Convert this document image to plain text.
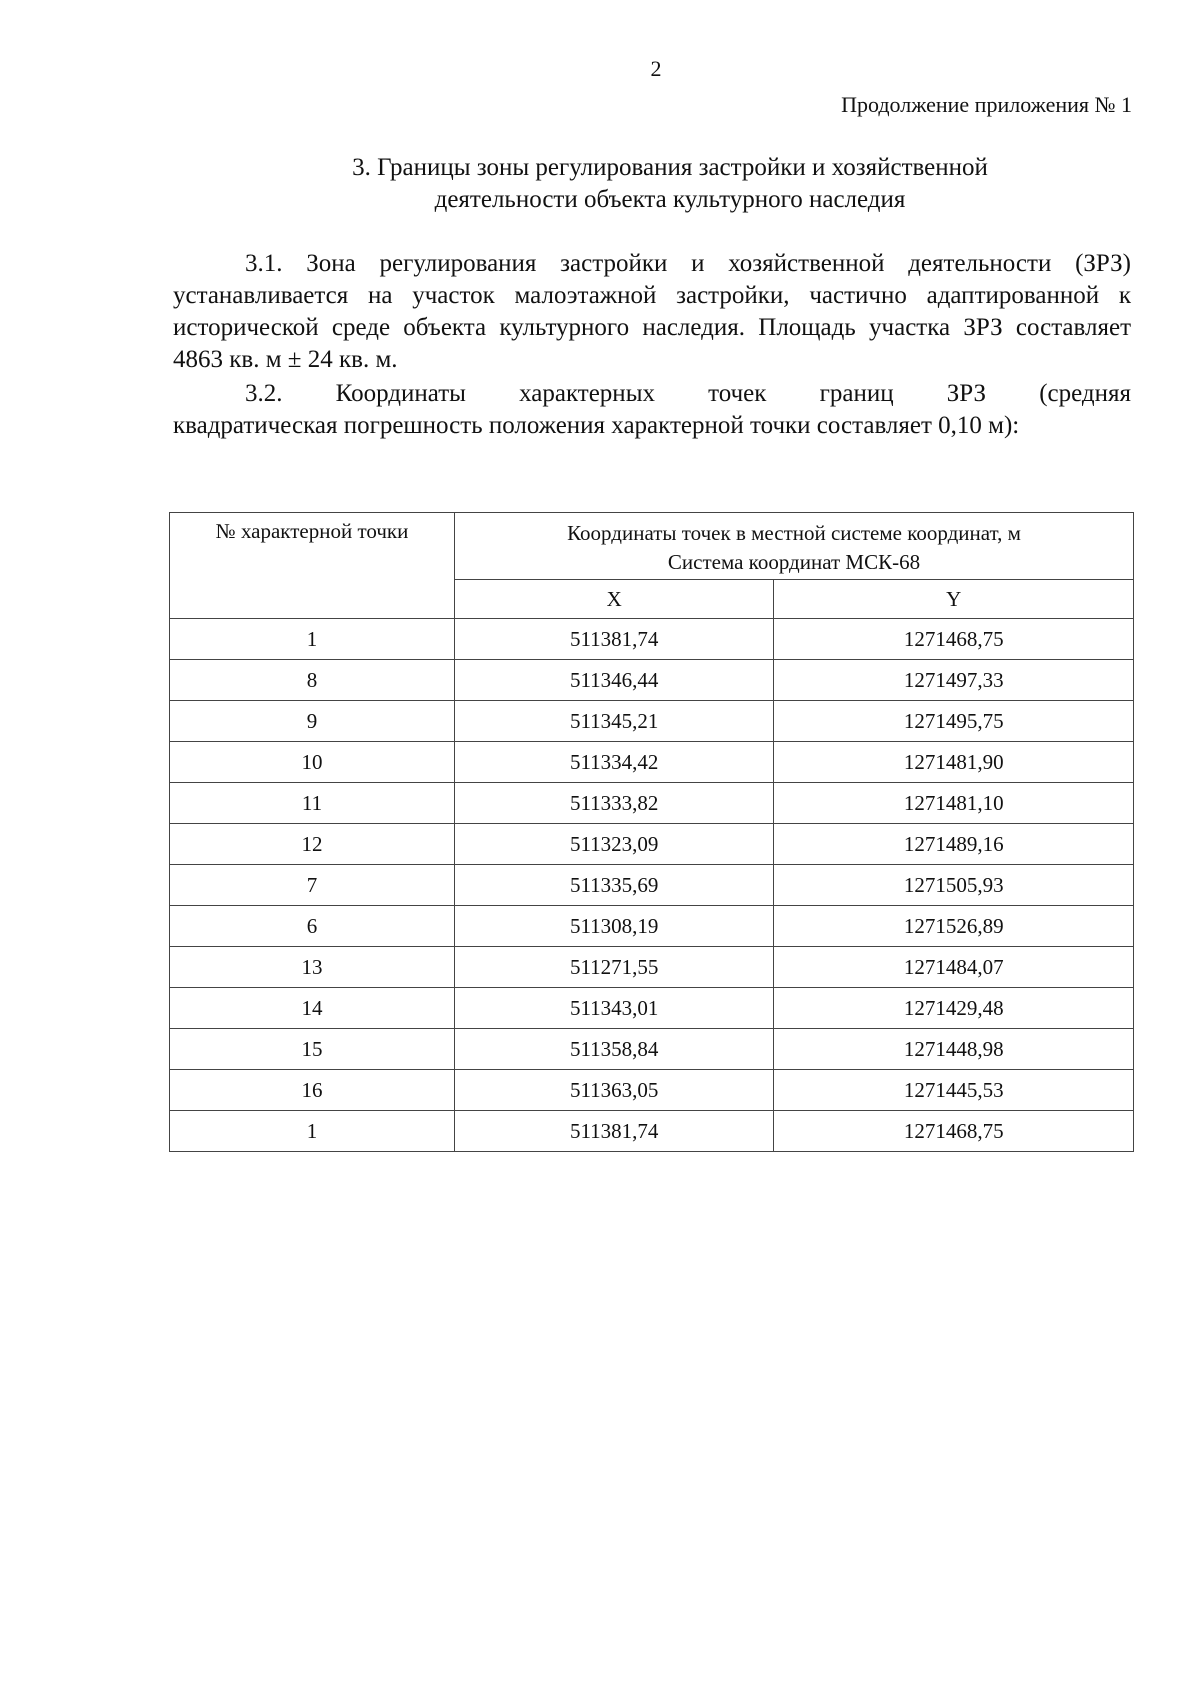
2
Продолжение приложения № 1
3. Границы зоны регулирования застройки и хозяйственной
деятельности объекта культурного наследия
3.1. Зона регулирования застройки и хозяйственной деятельности (ЗРЗ) устанавливается на участок малоэтажной застройки, частично адаптированной к исторической среде объекта культурного наследия. Площадь участка ЗРЗ составляет 4863 кв. м ± 24 кв. м.
3.2. Координаты характерных точек границ ЗРЗ (средняя
квадратическая погрешность положения характерной точки составляет 0,10 м):
№ характерной точки	Координаты точек в местной системе координат, м
Система координат МСК-68	

	X	Y
1	511381,74	1271468,75
8	511346,44	1271497,33
9	511345,21	1271495,75
10	511334,42	1271481,90
11	511333,82	1271481,10
12	511323,09	1271489,16
7	511335,69	1271505,93
6	511308,19	1271526,89
13	511271,55	1271484,07
14	511343,01	1271429,48
15	511358,84	1271448,98
16	511363,05	1271445,53
1	511381,74	1271468,75
